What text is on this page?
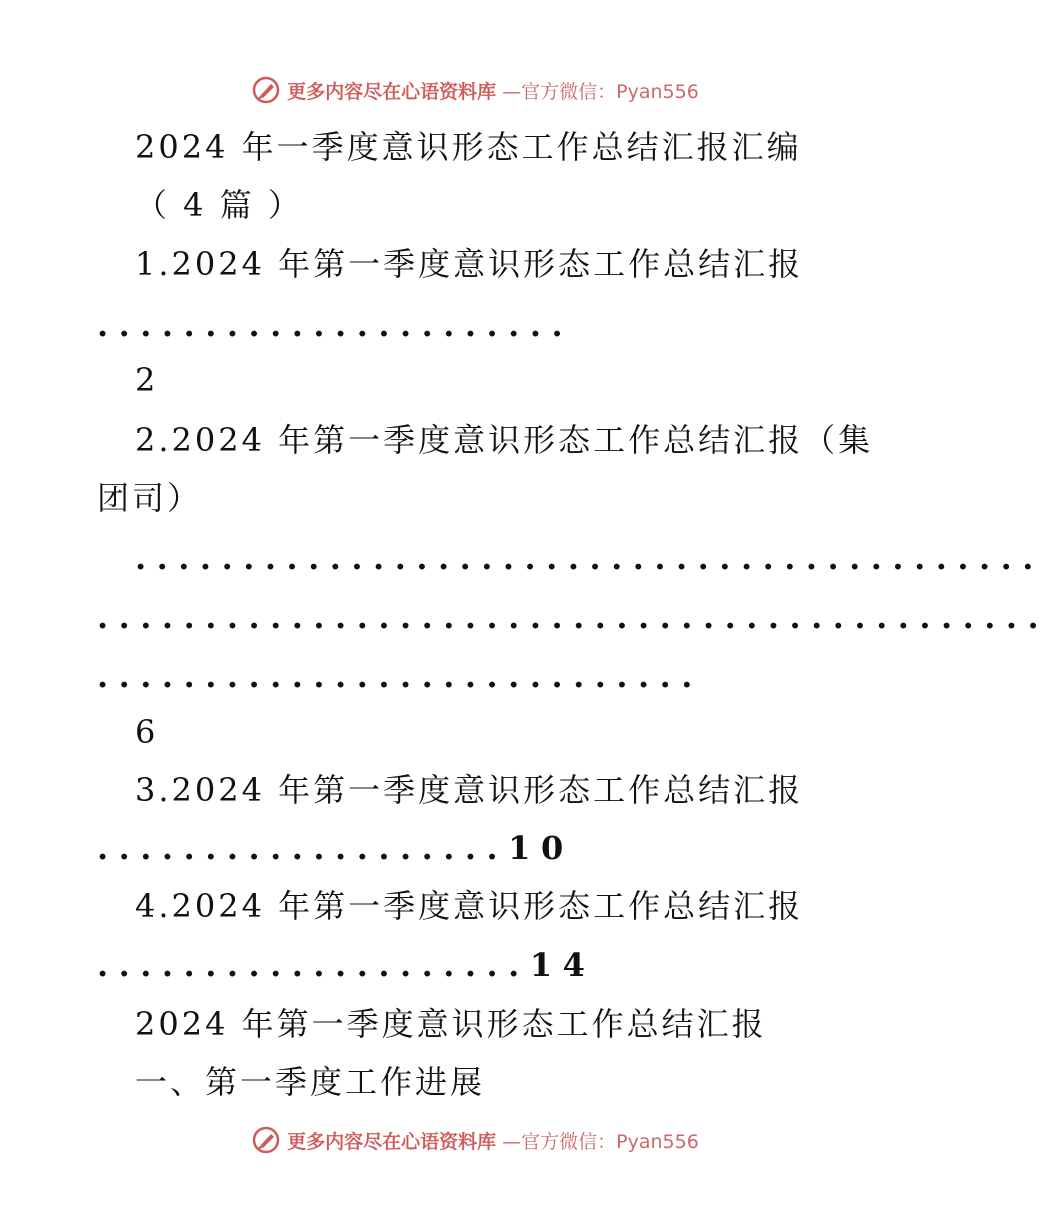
更多内容尽在心语资料库 —官方微信：Pyan556
2024 年一季度意识形态工作总结汇报汇编
（ 4 篇 ）
1.2024 年第一季度意识形态工作总结汇报
......................
2
2.2024 年第一季度意识形态工作总结汇报（集
团司）
..........................................
............................................
............................
6
3.2024 年第一季度意识形态工作总结汇报
...................10
4.2024 年第一季度意识形态工作总结汇报
....................14
2024 年第一季度意识形态工作总结汇报
一、第一季度工作进展
更多内容尽在心语资料库 —官方微信：Pyan556
